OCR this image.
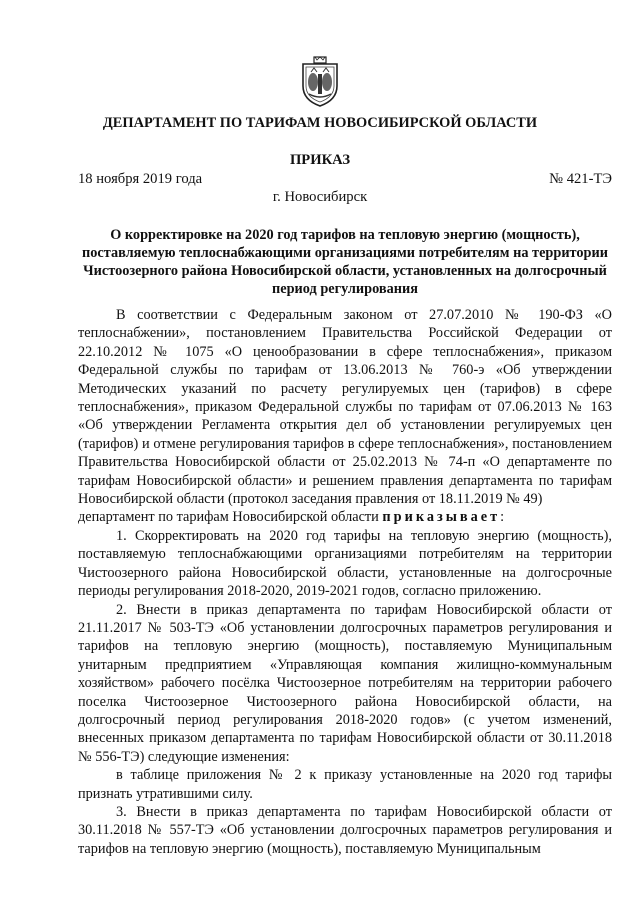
ДЕПАРТАМЕНТ ПО ТАРИФАМ НОВОСИБИРСКОЙ ОБЛАСТИ
ПРИКАЗ
18 ноября 2019 года	№ 421-ТЭ
г. Новосибирск
О корректировке на 2020 год тарифов на тепловую энергию (мощность), поставляемую теплоснабжающими организациями потребителям на территории Чистоозерного района Новосибирской области, установленных на долгосрочный период регулирования

В соответствии с Федеральным законом от 27.07.2010 № 190-ФЗ «О теплоснабжении», постановлением Правительства Российской Федерации от 22.10.2012 № 1075 «О ценообразовании в сфере теплоснабжения», приказом Федеральной службы по тарифам от 13.06.2013 № 760-э «Об утверждении Методических указаний по расчету регулируемых цен (тарифов) в сфере теплоснабжения», приказом Федеральной службы по тарифам от 07.06.2013 № 163 «Об утверждении Регламента открытия дел об установлении регулируемых цен (тарифов) и отмене регулирования тарифов в сфере теплоснабжения», постановлением Правительства Новосибирской области от 25.02.2013 № 74-п «О департаменте по тарифам Новосибирской области» и решением правления департамента по тарифам Новосибирской области (протокол заседания правления от 18.11.2019 № 49)

департамент по тарифам Новосибирской области приказывает:

1. Скорректировать на 2020 год тарифы на тепловую энергию (мощность), поставляемую теплоснабжающими организациями потребителям на территории Чистоозерного района Новосибирской области, установленные на долгосрочные периоды регулирования 2018-2020, 2019-2021 годов, согласно приложению.

2. Внести в приказ департамента по тарифам Новосибирской области от 21.11.2017 № 503-ТЭ «Об установлении долгосрочных параметров регулирования и тарифов на тепловую энергию (мощность), поставляемую Муниципальным унитарным предприятием «Управляющая компания жилищно-коммунальным хозяйством» рабочего посёлка Чистоозерное потребителям на территории рабочего поселка Чистоозерное Чистоозерного района Новосибирской области, на долгосрочный период регулирования 2018-2020 годов» (с учетом изменений, внесенных приказом департамента по тарифам Новосибирской области от 30.11.2018 № 556-ТЭ) следующие изменения:

в таблице приложения № 2 к приказу установленные на 2020 год тарифы признать утратившими силу.

3. Внести в приказ департамента по тарифам Новосибирской области от 30.11.2018 № 557-ТЭ «Об установлении долгосрочных параметров регулирования и тарифов на тепловую энергию (мощность), поставляемую Муниципальным
